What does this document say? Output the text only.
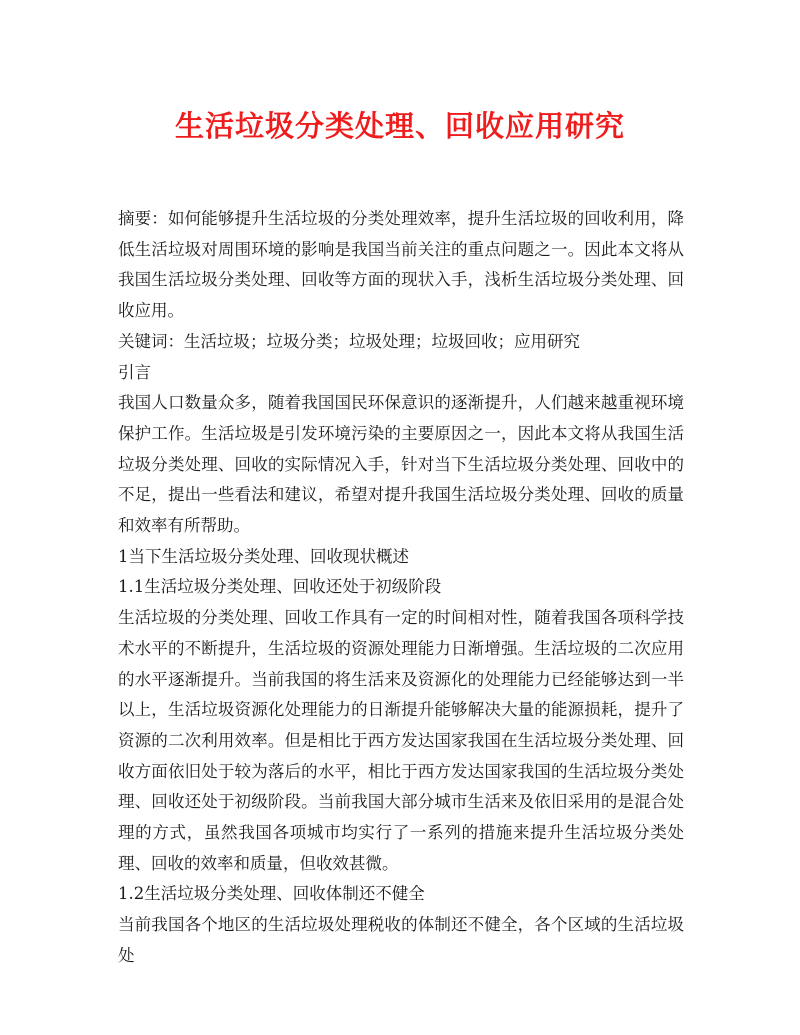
生活垃圾分类处理、回收应用研究

摘要：如何能够提升生活垃圾的分类处理效率，提升生活垃圾的回收利用，降低生活垃圾对周围环境的影响是我国当前关注的重点问题之一。因此本文将从我国生活垃圾分类处理、回收等方面的现状入手，浅析生活垃圾分类处理、回收应用。

关键词：生活垃圾；垃圾分类；垃圾处理；垃圾回收；应用研究

引言

我国人口数量众多，随着我国国民环保意识的逐渐提升，人们越来越重视环境保护工作。生活垃圾是引发环境污染的主要原因之一，因此本文将从我国生活垃圾分类处理、回收的实际情况入手，针对当下生活垃圾分类处理、回收中的不足，提出一些看法和建议，希望对提升我国生活垃圾分类处理、回收的质量和效率有所帮助。

1当下生活垃圾分类处理、回收现状概述

1.1生活垃圾分类处理、回收还处于初级阶段

生活垃圾的分类处理、回收工作具有一定的时间相对性，随着我国各项科学技术水平的不断提升，生活垃圾的资源处理能力日渐增强。生活垃圾的二次应用的水平逐渐提升。当前我国的将生活来及资源化的处理能力已经能够达到一半以上，生活垃圾资源化处理能力的日渐提升能够解决大量的能源损耗，提升了资源的二次利用效率。但是相比于西方发达国家我国在生活垃圾分类处理、回收方面依旧处于较为落后的水平，相比于西方发达国家我国的生活垃圾分类处理、回收还处于初级阶段。当前我国大部分城市生活来及依旧采用的是混合处理的方式，虽然我国各项城市均实行了一系列的措施来提升生活垃圾分类处理、回收的效率和质量，但收效甚微。

1.2生活垃圾分类处理、回收体制还不健全

当前我国各个地区的生活垃圾处理税收的体制还不健全，各个区域的生活垃圾处
